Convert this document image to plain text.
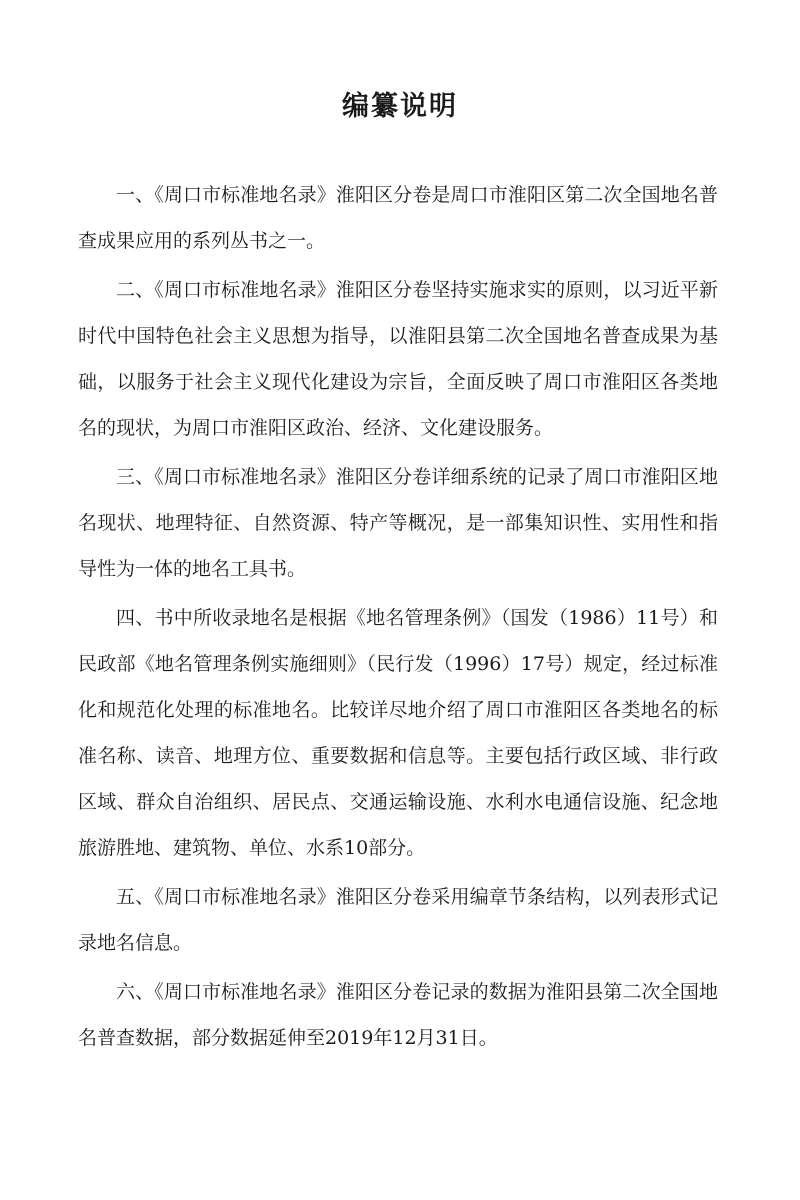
编纂说明

一、《周口市标准地名录》淮阳区分卷是周口市淮阳区第二次全国地名普查成果应用的系列丛书之一。

二、《周口市标准地名录》淮阳区分卷坚持实施求实的原则，以习近平新时代中国特色社会主义思想为指导，以淮阳县第二次全国地名普查成果为基础，以服务于社会主义现代化建设为宗旨，全面反映了周口市淮阳区各类地名的现状，为周口市淮阳区政治、经济、文化建设服务。

三、《周口市标准地名录》淮阳区分卷详细系统的记录了周口市淮阳区地名现状、地理特征、自然资源、特产等概况，是一部集知识性、实用性和指导性为一体的地名工具书。

四、书中所收录地名是根据《地名管理条例》（国发（1986）11号）和民政部《地名管理条例实施细则》（民行发（1996）17号）规定，经过标准化和规范化处理的标准地名。比较详尽地介绍了周口市淮阳区各类地名的标准名称、读音、地理方位、重要数据和信息等。主要包括行政区域、非行政区域、群众自治组织、居民点、交通运输设施、水利水电通信设施、纪念地旅游胜地、建筑物、单位、水系10部分。

五、《周口市标准地名录》淮阳区分卷采用编章节条结构，以列表形式记录地名信息。

六、《周口市标准地名录》淮阳区分卷记录的数据为淮阳县第二次全国地名普查数据，部分数据延伸至2019年12月31日。
